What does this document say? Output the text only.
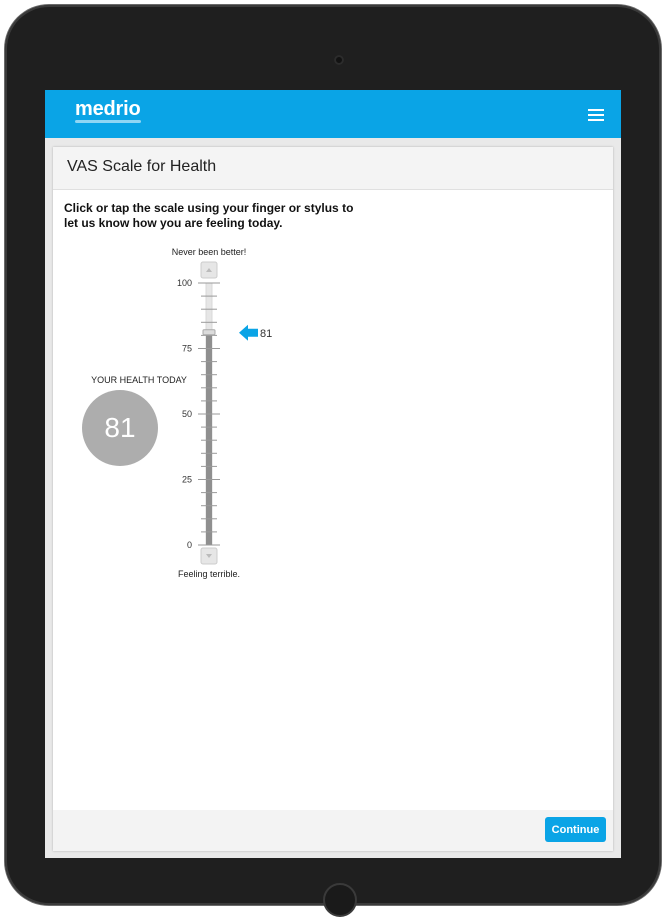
medrio
VAS Scale for Health
Click or tap the scale using your finger or stylus to let us know how you are feeling today.
Never been better!
0
25
50
75
100
81
Feeling terrible.
YOUR HEALTH TODAY
81
Continue
